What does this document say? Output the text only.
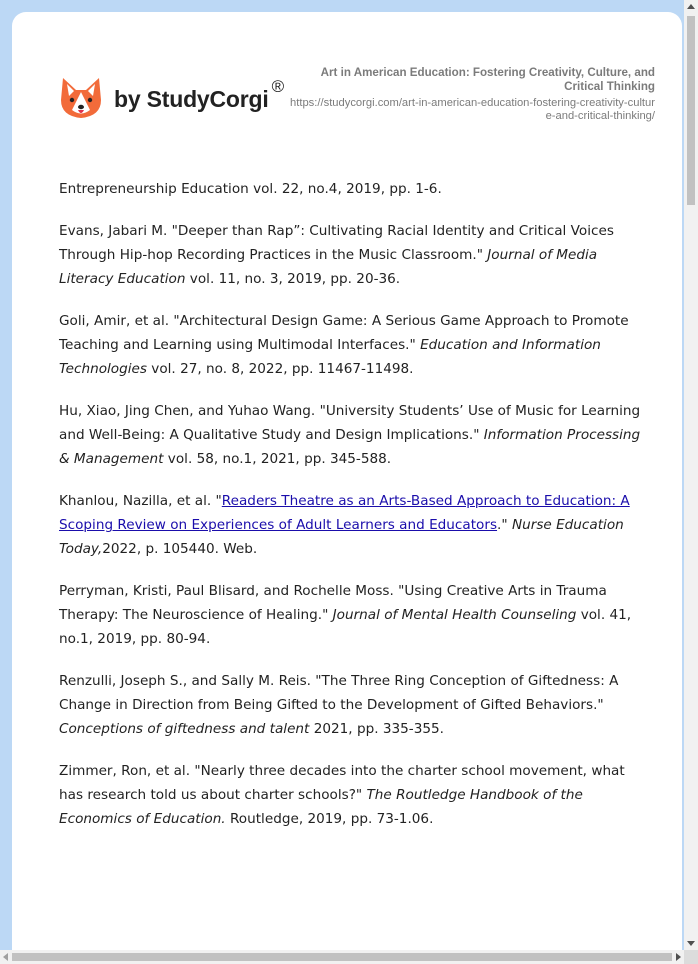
by StudyCorgi ®
Art in American Education: Fostering Creativity, Culture, and Critical Thinking
https://studycorgi.com/art-in-american-education-fostering-creativity-culture-and-critical-thinking/

Entrepreneurship Education vol. 22, no.4, 2019, pp. 1-6.

Evans, Jabari M. "Deeper than Rap”: Cultivating Racial Identity and Critical Voices Through Hip-hop Recording Practices in the Music Classroom." Journal of Media Literacy Education vol. 11, no. 3, 2019, pp. 20-36.

Goli, Amir, et al. "Architectural Design Game: A Serious Game Approach to Promote Teaching and Learning using Multimodal Interfaces." Education and Information Technologies vol. 27, no. 8, 2022, pp. 11467-11498.

Hu, Xiao, Jing Chen, and Yuhao Wang. "University Students’ Use of Music for Learning and Well-Being: A Qualitative Study and Design Implications." Information Processing & Management vol. 58, no.1, 2021, pp. 345-588.

Khanlou, Nazilla, et al. "Readers Theatre as an Arts-Based Approach to Education: A Scoping Review on Experiences of Adult Learners and Educators." Nurse Education Today,2022, p. 105440. Web.

Perryman, Kristi, Paul Blisard, and Rochelle Moss. "Using Creative Arts in Trauma Therapy: The Neuroscience of Healing." Journal of Mental Health Counseling vol. 41, no.1, 2019, pp. 80-94.

Renzulli, Joseph S., and Sally M. Reis. "The Three Ring Conception of Giftedness: A Change in Direction from Being Gifted to the Development of Gifted Behaviors." Conceptions of giftedness and talent 2021, pp. 335-355.

Zimmer, Ron, et al. "Nearly three decades into the charter school movement, what has research told us about charter schools?" The Routledge Handbook of the Economics of Education. Routledge, 2019, pp. 73-1.06.
